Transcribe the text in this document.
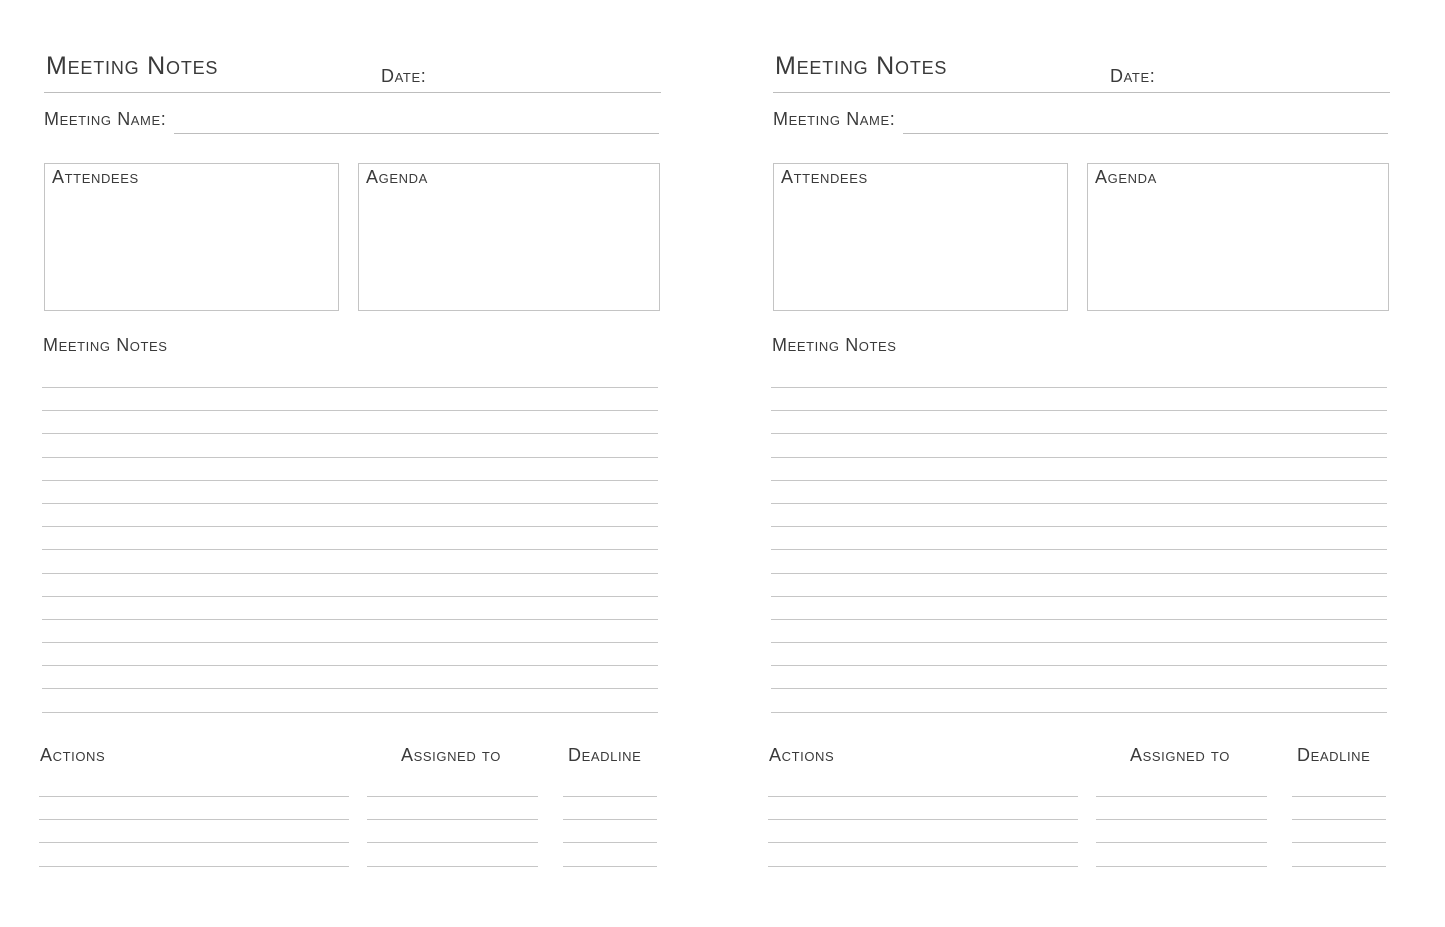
Meeting Notes	Date:
Meeting Name:
Attendees	Agenda
Meeting Notes
Actions	Assigned to	Deadline
Meeting Notes	Date:
Meeting Name:
Attendees	Agenda
Meeting Notes
Actions	Assigned to	Deadline
